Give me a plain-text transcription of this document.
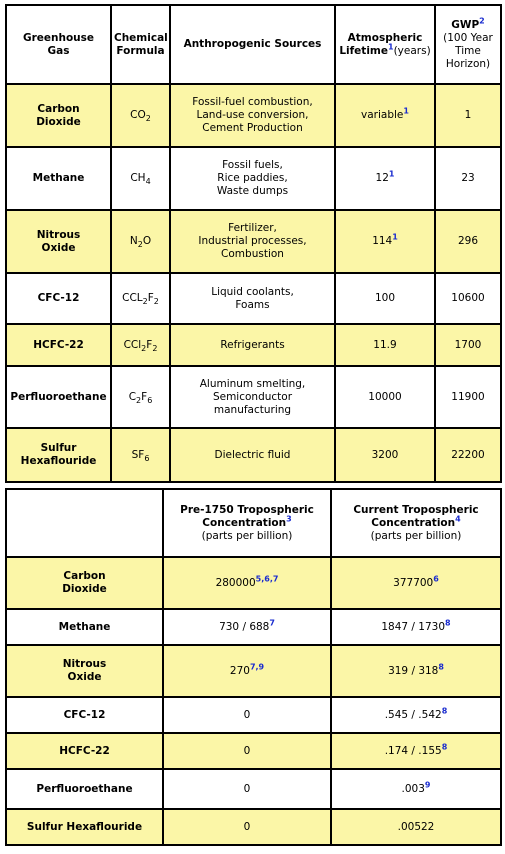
Greenhouse
Gas	Chemical
Formula	Anthropogenic Sources	Atmospheric
Lifetime$^1$(years)	GWP$^2$
(100 Year
Time
Horizon)
Carbon
Dioxide	$CO_2$	Fossil-fuel combustion,
Land-use conversion,
Cement Production	variable$^1$	1
Methane	$CH_4$	Fossil fuels,
Rice paddies,
Waste dumps	12$^1$	23
Nitrous
Oxide	$N_2O$	Fertilizer,
Industrial processes,
Combustion	114$^1$	296
CFC-12	$CCL_2F_2$	Liquid coolants,
Foams	100	10600
HCFC-22	$CCl_2F_2$	Refrigerants	11.9	1700
Perfluoroethane	$C_2F_6$	Aluminum smelting,
Semiconductor
manufacturing	10000	11900
Sulfur
Hexaflouride	$SF_6$	Dielectric fluid	3200	22200
	Pre-1750 Tropospheric
Concentration$^3$
(parts per billion)	Current Tropospheric
Concentration$^4$
(parts per billion)
Carbon
Dioxide	280000$^{5,6,7}$	377700$^6$
Methane	730 / 688$^7$	1847 / 1730$^8$
Nitrous
Oxide	270$^{7,9}$	319 / 318$^8$
CFC-12	0	.545 / .542$^8$
HCFC-22	0	.174 / .155$^8$
Perfluoroethane	0	.003$^9$
Sulfur Hexaflouride	0	.00522
